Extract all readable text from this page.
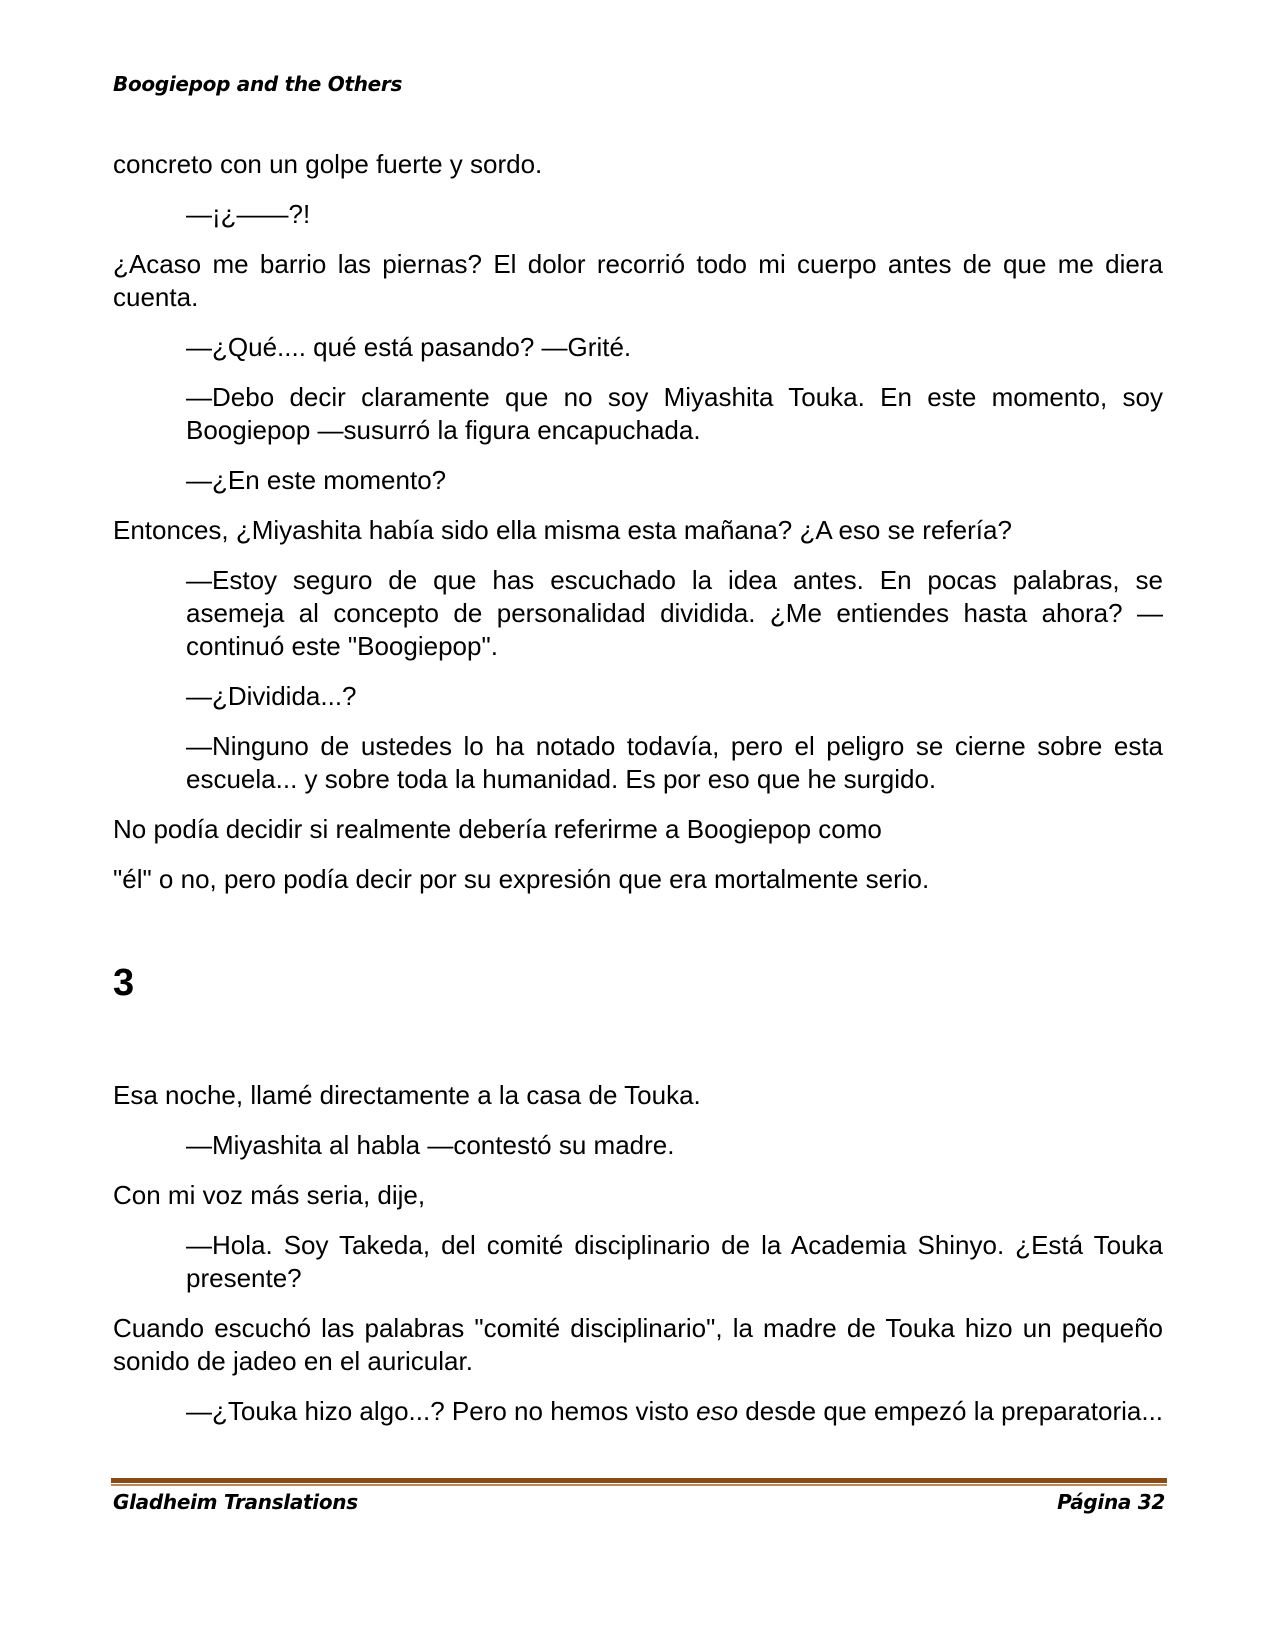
Boogiepop and the Others

concreto con un golpe fuerte y sordo.

—¡¿——?!

¿Acaso me barrio las piernas? El dolor recorrió todo mi cuerpo antes de que me diera cuenta.

—¿Qué.... qué está pasando? —Grité.

—Debo decir claramente que no soy Miyashita Touka. En este momento, soy Boogiepop —susurró la figura encapuchada.

—¿En este momento?

Entonces, ¿Miyashita había sido ella misma esta mañana? ¿A eso se refería?

—Estoy seguro de que has escuchado la idea antes. En pocas palabras, se asemeja al concepto de personalidad dividida. ¿Me entiendes hasta ahora? —continuó este "Boogiepop".

—¿Dividida...?

—Ninguno de ustedes lo ha notado todavía, pero el peligro se cierne sobre esta escuela... y sobre toda la humanidad. Es por eso que he surgido.

No podía decidir si realmente debería referirme a Boogiepop como

"él" o no, pero podía decir por su expresión que era mortalmente serio.

3

Esa noche, llamé directamente a la casa de Touka.

—Miyashita al habla —contestó su madre.

Con mi voz más seria, dije,

—Hola. Soy Takeda, del comité disciplinario de la Academia Shinyo. ¿Está Touka presente?

Cuando escuchó las palabras "comité disciplinario", la madre de Touka hizo un pequeño sonido de jadeo en el auricular.

—¿Touka hizo algo...? Pero no hemos visto eso desde que empezó la preparatoria...

Gladheim Translations	Página 32
